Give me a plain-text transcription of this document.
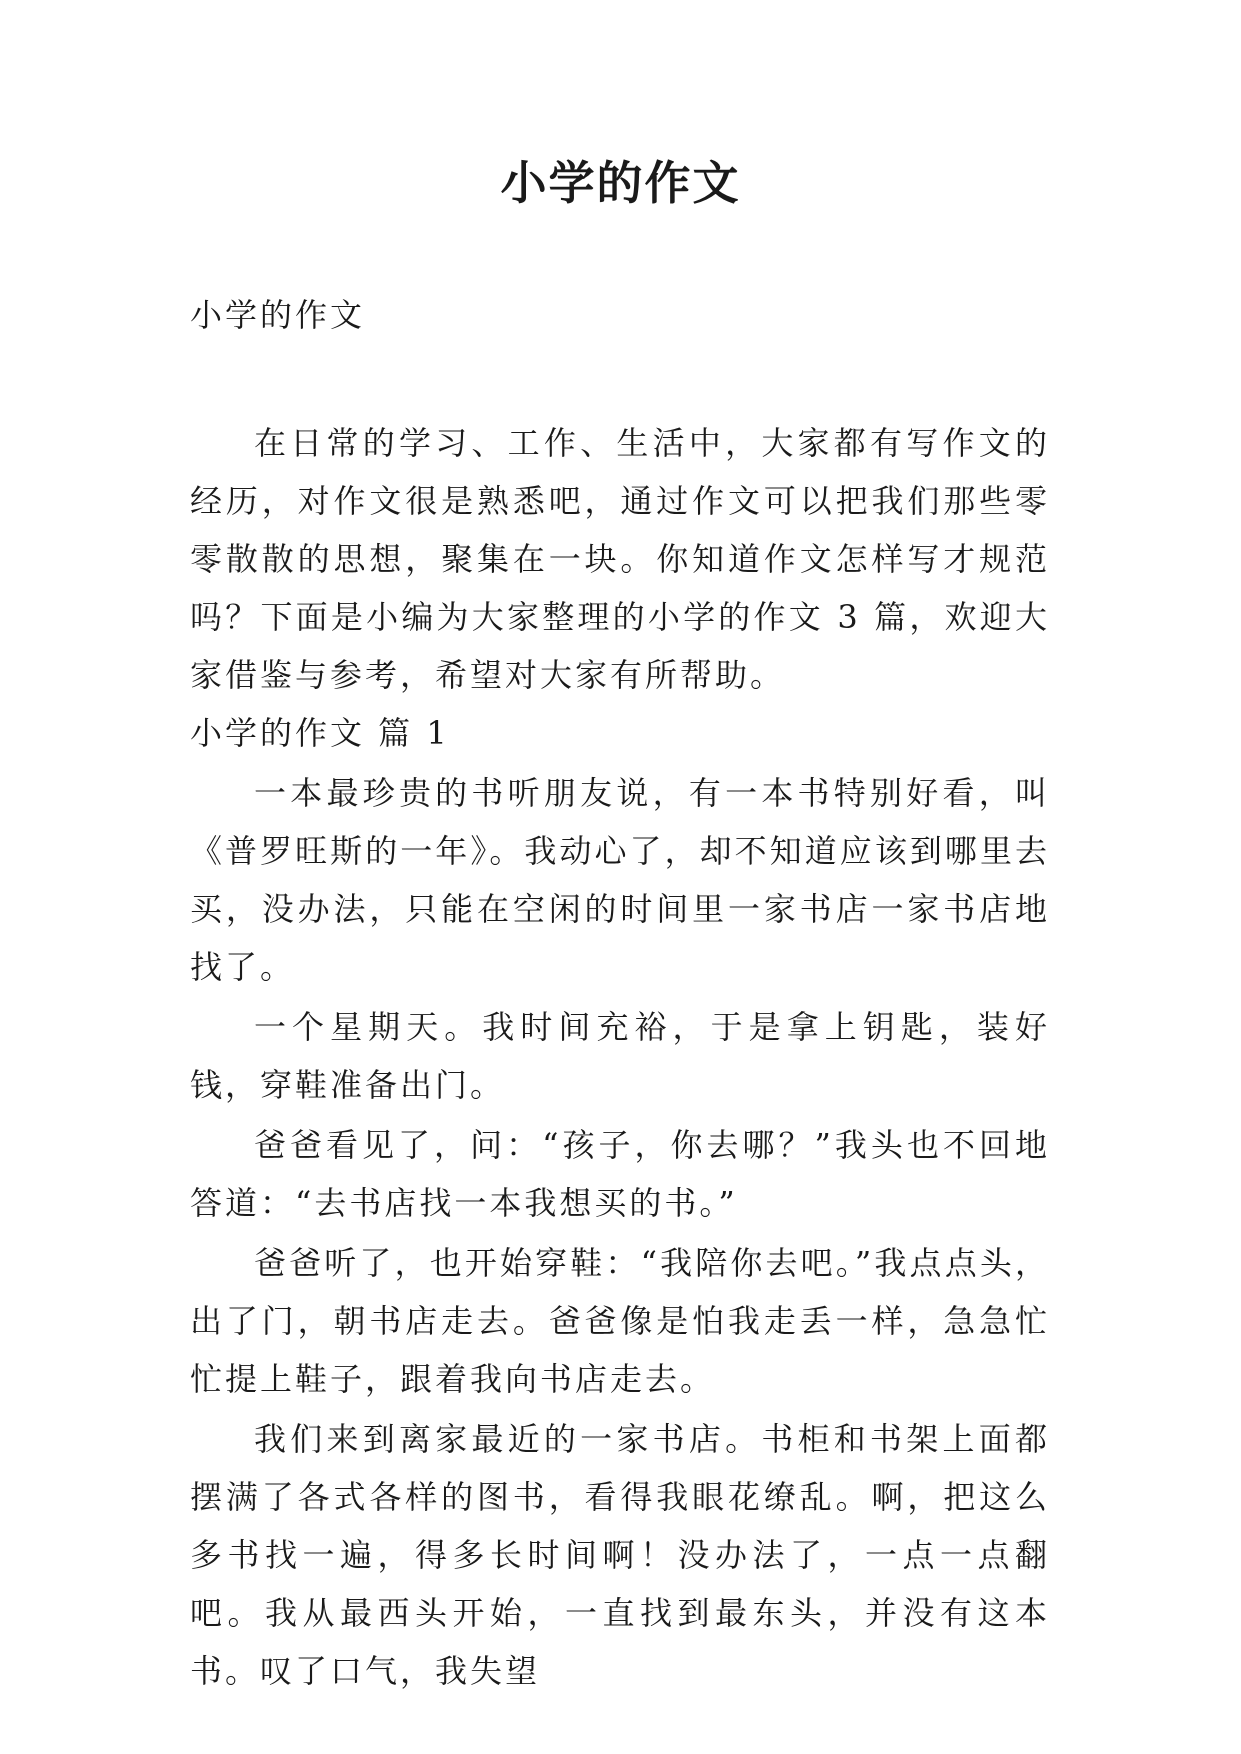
小学的作文

小学的作文

在日常的学习、工作、生活中，大家都有写作文的经历，对作文很是熟悉吧，通过作文可以把我们那些零零散散的思想，聚集在一块。你知道作文怎样写才规范吗？下面是小编为大家整理的小学的作文 3 篇，欢迎大家借鉴与参考，希望对大家有所帮助。

小学的作文 篇 1

一本最珍贵的书听朋友说，有一本书特别好看，叫《普罗旺斯的一年》。我动心了，却不知道应该到哪里去买，没办法，只能在空闲的时间里一家书店一家书店地找了。

一个星期天。我时间充裕，于是拿上钥匙，装好钱，穿鞋准备出门。

爸爸看见了，问：“孩子，你去哪？”我头也不回地答道：“去书店找一本我想买的书。”

爸爸听了，也开始穿鞋：“我陪你去吧。”我点点头，出了门，朝书店走去。爸爸像是怕我走丢一样，急急忙忙提上鞋子，跟着我向书店走去。

我们来到离家最近的一家书店。书柜和书架上面都摆满了各式各样的图书，看得我眼花缭乱。啊，把这么多书找一遍，得多长时间啊！没办法了，一点一点翻吧。我从最西头开始，一直找到最东头，并没有这本书。叹了口气，我失望
